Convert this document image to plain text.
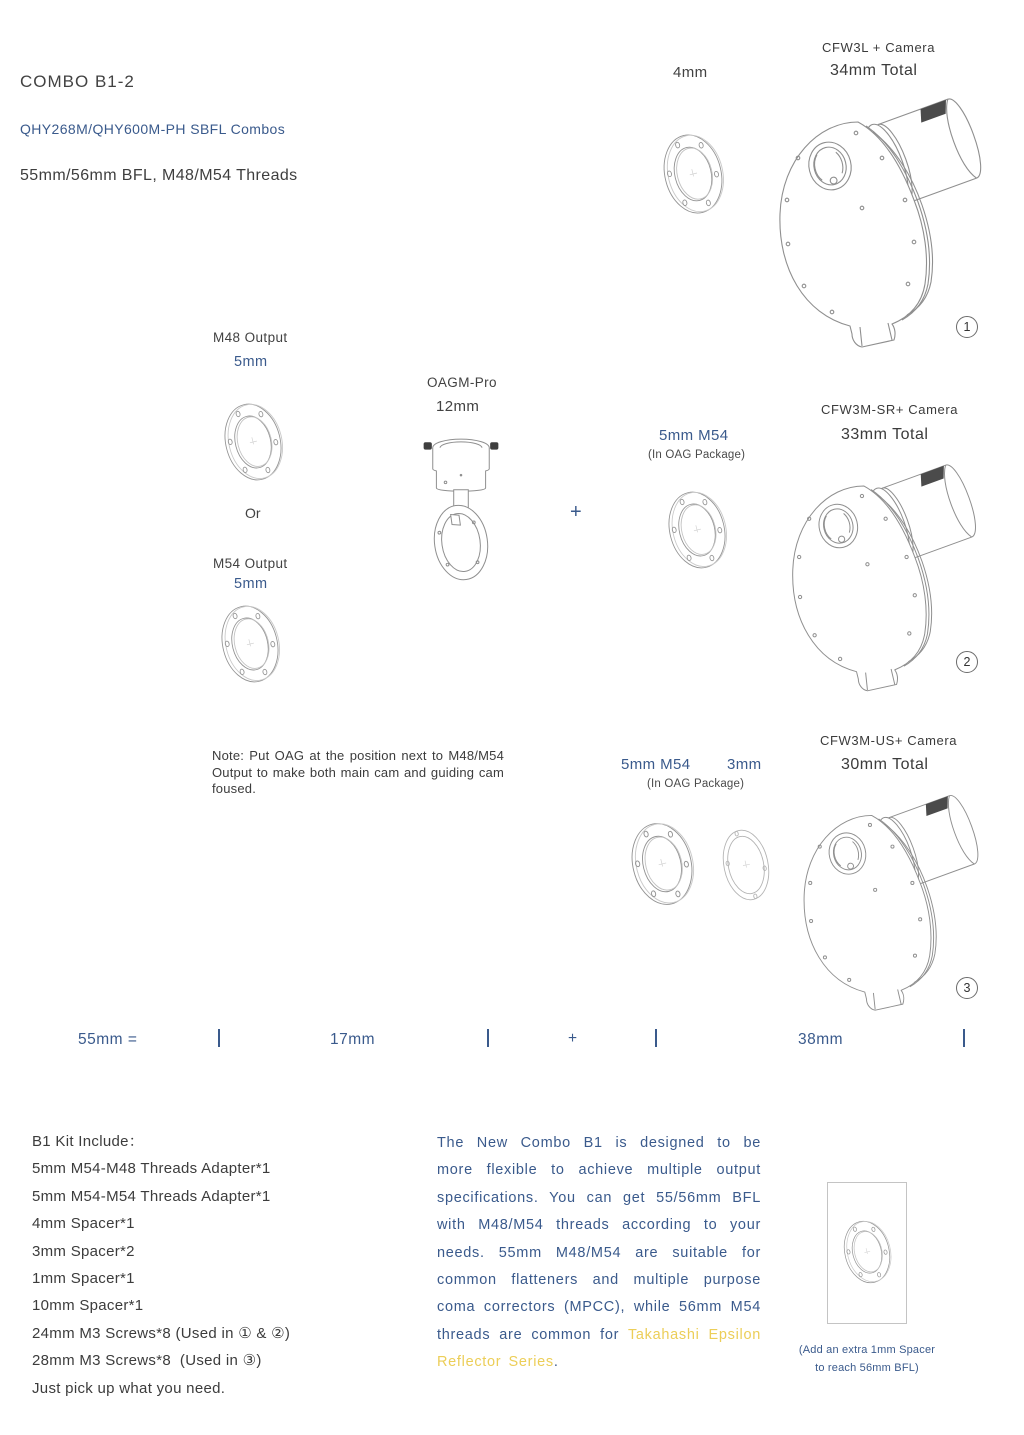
COMBO B1-2
QHY268M/QHY600M-PH SBFL Combos
55mm/56mm BFL, M48/M54 Threads
4mm
CFW3L + Camera
34mm Total
1
M48 Output
5mm
Or
M54 Output
5mm
OAGM-Pro
12mm
+
5mm M54
(In OAG Package)
CFW3M-SR+ Camera
33mm Total
2
Note: Put OAG at the position next to M48/M54 Output to make both main cam and guiding cam foused.
5mm M54 3mm
(In OAG Package)
CFW3M-US+ Camera
30mm Total
3
55mm =	17mm	+	38mm
B1 Kit Include：
5mm M54-M48 Threads Adapter*1
5mm M54-M54 Threads Adapter*1
4mm Spacer*1
3mm Spacer*2
1mm Spacer*1
10mm Spacer*1
24mm M3 Screws*8 (Used in ① & ②)
28mm M3 Screws*8  (Used in ③)
Just pick up what you need.
The New Combo B1 is designed to be more flexible to achieve multiple output specifications. You can get 55/56mm BFL with M48/M54 threads according to your needs. 55mm M48/M54 are suitable for common flatteners and multiple purpose coma correctors (MPCC), while 56mm M54 threads are common for Takahashi Epsilon Reflector Series.
(Add an extra 1mm Spacer
to reach 56mm BFL)
